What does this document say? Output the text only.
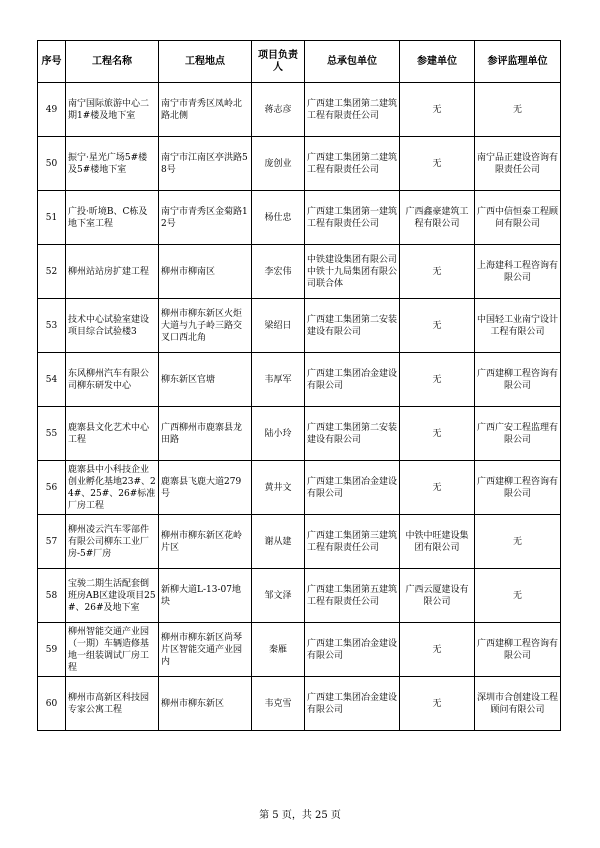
序号	工程名称	工程地点	项目负责人	总承包单位	参建单位	参评监理单位
49	南宁国际旅游中心二期1#楼及地下室	南宁市青秀区凤岭北路北侧	蒋志彦	广西建工集团第二建筑工程有限责任公司	无	无
50	振宁·星光广场5#楼及5#楼地下室	南宁市江南区亭洪路58号	庞创业	广西建工集团第二建筑工程有限责任公司	无	南宁品正建设咨询有限责任公司
51	广投·昕境B、C栋及地下室工程	南宁市青秀区金菊路12号	杨仕忠	广西建工集团第一建筑工程有限责任公司	广西鑫豪建筑工程有限公司	广西中信恒泰工程顾问有限公司
52	柳州站站房扩建工程	柳州市柳南区	李宏伟	中铁建设集团有限公司中铁十九局集团有限公司联合体	无	上海建科工程咨询有限公司
53	技术中心试验室建设项目综合试验楼3	柳州市柳东新区火炬大道与九子岭三路交叉口西北角	梁绍日	广西建工集团第二安装建设有限公司	无	中国轻工业南宁设计工程有限公司
54	东风柳州汽车有限公司柳东研发中心	柳东新区官塘	韦厚军	广西建工集团冶金建设有限公司	无	广西建柳工程咨询有限公司
55	鹿寨县文化艺术中心工程	广西柳州市鹿寨县龙田路	陆小玲	广西建工集团第二安装建设有限公司	无	广西广安工程监理有限公司
56	鹿寨县中小科技企业创业孵化基地23#、24#、25#、26#标准厂房工程	鹿寨县飞鹿大道279号	黄井文	广西建工集团冶金建设有限公司	无	广西建柳工程咨询有限公司
57	柳州凌云汽车零部件有限公司柳东工业厂房-5#厂房	柳州市柳东新区花岭片区	谢从建	广西建工集团第三建筑工程有限责任公司	中铁中旺建设集团有限公司	无
58	宝骏二期生活配套倒班房AB区建设项目25#、26#及地下室	新柳大道L-13-07地块	邹文泽	广西建工集团第五建筑工程有限责任公司	广西云厦建设有限公司	无
59	柳州智能交通产业园（一期）车辆造修基地一组装调试厂房工程	柳州市柳东新区尚琴片区智能交通产业园内	秦雁	广西建工集团冶金建设有限公司	无	广西建柳工程咨询有限公司
60	柳州市高新区科技园专家公寓工程	柳州市柳东新区	韦克雪	广西建工集团冶金建设有限公司	无	深圳市合创建设工程顾问有限公司
第 5 页，共 25 页
